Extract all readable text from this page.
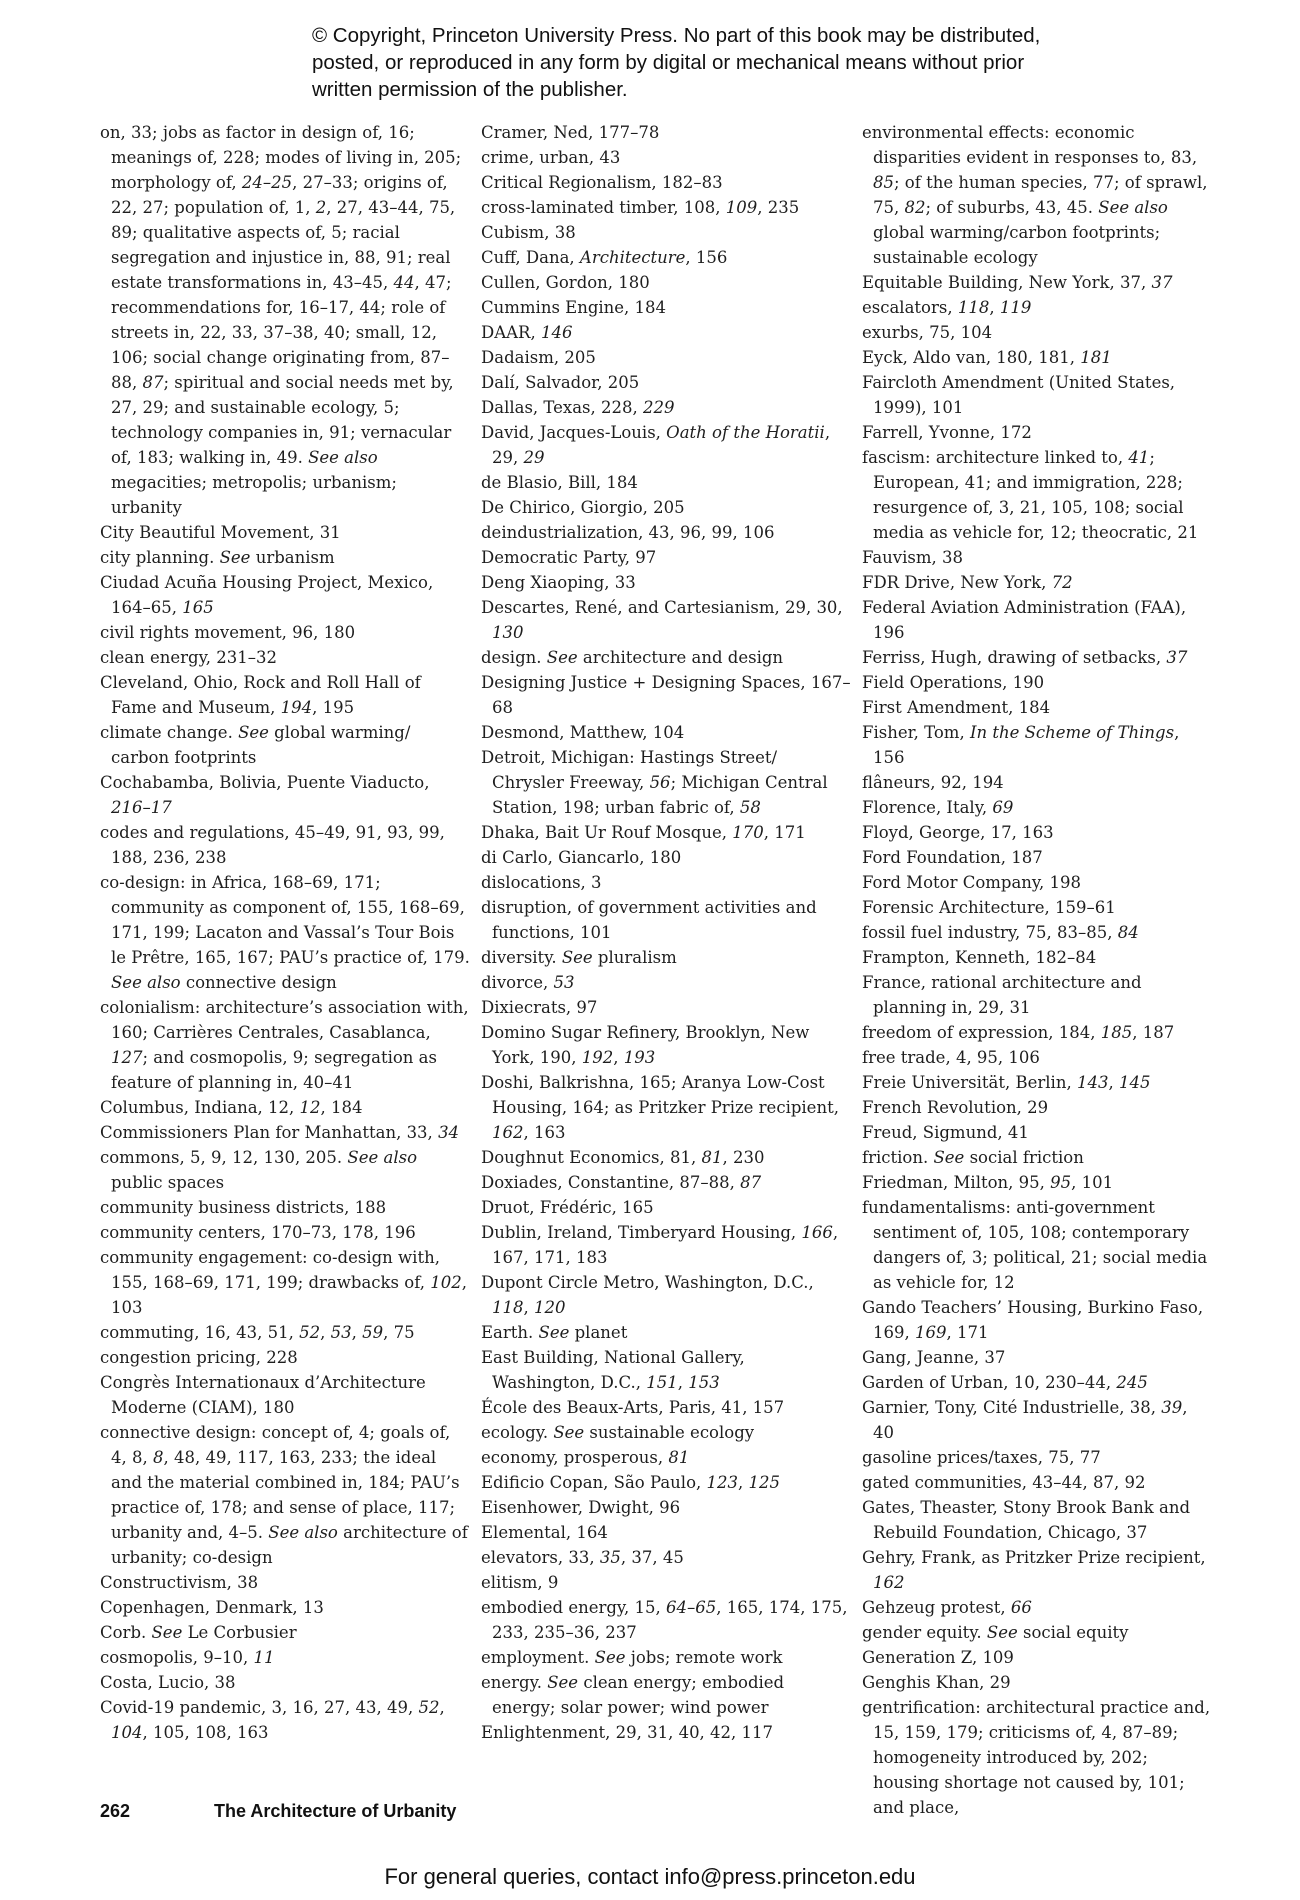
© Copyright, Princeton University Press. No part of this book may be distributed, posted, or reproduced in any form by digital or mechanical means without prior written permission of the publisher.

on, 33; jobs as factor in design of, 16; meanings of, 228; modes of living in, 205; morphology of, 24–25, 27–33; origins of, 22, 27; population of, 1, 2, 27, 43–44, 75, 89; qualitative aspects of, 5; racial segregation and injustice in, 88, 91; real estate transformations in, 43–45, 44, 47; recommendations for, 16–17, 44; role of streets in, 22, 33, 37–38, 40; small, 12, 106; social change originating from, 87–88, 87; spiritual and social needs met by, 27, 29; and sustainable ecology, 5; technology companies in, 91; vernacular of, 183; walking in, 49. See also megacities; metropolis; urbanism; urbanity

City Beautiful Movement, 31

city planning. See urbanism

Ciudad Acuña Housing Project, Mexico, 164–65, 165

civil rights movement, 96, 180

clean energy, 231–32

Cleveland, Ohio, Rock and Roll Hall of Fame and Museum, 194, 195

climate change. See global warming/ carbon footprints

Cochabamba, Bolivia, Puente Viaducto, 216–17

codes and regulations, 45–49, 91, 93, 99, 188, 236, 238

co-design: in Africa, 168–69, 171; community as component of, 155, 168–69, 171, 199; Lacaton and Vassal’s Tour Bois le Prêtre, 165, 167; PAU’s practice of, 179. See also connective design

colonialism: architecture’s association with, 160; Carrières Centrales, Casablanca, 127; and cosmopolis, 9; segregation as feature of planning in, 40–41

Columbus, Indiana, 12, 12, 184

Commissioners Plan for Manhattan, 33, 34

commons, 5, 9, 12, 130, 205. See also public spaces

community business districts, 188

community centers, 170–73, 178, 196

community engagement: co-design with, 155, 168–69, 171, 199; drawbacks of, 102, 103

commuting, 16, 43, 51, 52, 53, 59, 75

congestion pricing, 228

Congrès Internationaux d’Architecture Moderne (CIAM), 180

connective design: concept of, 4; goals of, 4, 8, 8, 48, 49, 117, 163, 233; the ideal and the material combined in, 184; PAU’s practice of, 178; and sense of place, 117; urbanity and, 4–5. See also architecture of urbanity; co-design

Constructivism, 38

Copenhagen, Denmark, 13

Corb. See Le Corbusier

cosmopolis, 9–10, 11

Costa, Lucio, 38

Covid-19 pandemic, 3, 16, 27, 43, 49, 52, 104, 105, 108, 163

Cramer, Ned, 177–78

crime, urban, 43

Critical Regionalism, 182–83

cross-laminated timber, 108, 109, 235

Cubism, 38

Cuff, Dana, Architecture, 156

Cullen, Gordon, 180

Cummins Engine, 184

DAAR, 146

Dadaism, 205

Dalí, Salvador, 205

Dallas, Texas, 228, 229

David, Jacques-Louis, Oath of the Horatii, 29, 29

de Blasio, Bill, 184

De Chirico, Giorgio, 205

deindustrialization, 43, 96, 99, 106

Democratic Party, 97

Deng Xiaoping, 33

Descartes, René, and Cartesianism, 29, 30, 130

design. See architecture and design

Designing Justice + Designing Spaces, 167–68

Desmond, Matthew, 104

Detroit, Michigan: Hastings Street/ Chrysler Freeway, 56; Michigan Central Station, 198; urban fabric of, 58

Dhaka, Bait Ur Rouf Mosque, 170, 171

di Carlo, Giancarlo, 180

dislocations, 3

disruption, of government activities and functions, 101

diversity. See pluralism

divorce, 53

Dixiecrats, 97

Domino Sugar Refinery, Brooklyn, New York, 190, 192, 193

Doshi, Balkrishna, 165; Aranya Low-Cost Housing, 164; as Pritzker Prize recipient, 162, 163

Doughnut Economics, 81, 81, 230

Doxiades, Constantine, 87–88, 87

Druot, Frédéric, 165

Dublin, Ireland, Timberyard Housing, 166, 167, 171, 183

Dupont Circle Metro, Washington, D.C., 118, 120

Earth. See planet

East Building, National Gallery, Washington, D.C., 151, 153

École des Beaux-Arts, Paris, 41, 157

ecology. See sustainable ecology

economy, prosperous, 81

Edificio Copan, São Paulo, 123, 125

Eisenhower, Dwight, 96

Elemental, 164

elevators, 33, 35, 37, 45

elitism, 9

embodied energy, 15, 64–65, 165, 174, 175, 233, 235–36, 237

employment. See jobs; remote work

energy. See clean energy; embodied energy; solar power; wind power

Enlightenment, 29, 31, 40, 42, 117

environmental effects: economic disparities evident in responses to, 83, 85; of the human species, 77; of sprawl, 75, 82; of suburbs, 43, 45. See also global warming/carbon footprints; sustainable ecology

Equitable Building, New York, 37, 37

escalators, 118, 119

exurbs, 75, 104

Eyck, Aldo van, 180, 181, 181

Faircloth Amendment (United States, 1999), 101

Farrell, Yvonne, 172

fascism: architecture linked to, 41; European, 41; and immigration, 228; resurgence of, 3, 21, 105, 108; social media as vehicle for, 12; theocratic, 21

Fauvism, 38

FDR Drive, New York, 72

Federal Aviation Administration (FAA), 196

Ferriss, Hugh, drawing of setbacks, 37

Field Operations, 190

First Amendment, 184

Fisher, Tom, In the Scheme of Things, 156

flâneurs, 92, 194

Florence, Italy, 69

Floyd, George, 17, 163

Ford Foundation, 187

Ford Motor Company, 198

Forensic Architecture, 159–61

fossil fuel industry, 75, 83–85, 84

Frampton, Kenneth, 182–84

France, rational architecture and planning in, 29, 31

freedom of expression, 184, 185, 187

free trade, 4, 95, 106

Freie Universität, Berlin, 143, 145

French Revolution, 29

Freud, Sigmund, 41

friction. See social friction

Friedman, Milton, 95, 95, 101

fundamentalisms: anti-government sentiment of, 105, 108; contemporary dangers of, 3; political, 21; social media as vehicle for, 12

Gando Teachers’ Housing, Burkino Faso, 169, 169, 171

Gang, Jeanne, 37

Garden of Urban, 10, 230–44, 245

Garnier, Tony, Cité Industrielle, 38, 39, 40

gasoline prices/taxes, 75, 77

gated communities, 43–44, 87, 92

Gates, Theaster, Stony Brook Bank and Rebuild Foundation, Chicago, 37

Gehry, Frank, as Pritzker Prize recipient, 162

Gehzeug protest, 66

gender equity. See social equity

Generation Z, 109

Genghis Khan, 29

gentrification: architectural practice and, 15, 159, 179; criticisms of, 4, 87–89; homogeneity introduced by, 202; housing shortage not caused by, 101; and place,

262	The Architecture of Urbanity
For general queries, contact info@press.princeton.edu
